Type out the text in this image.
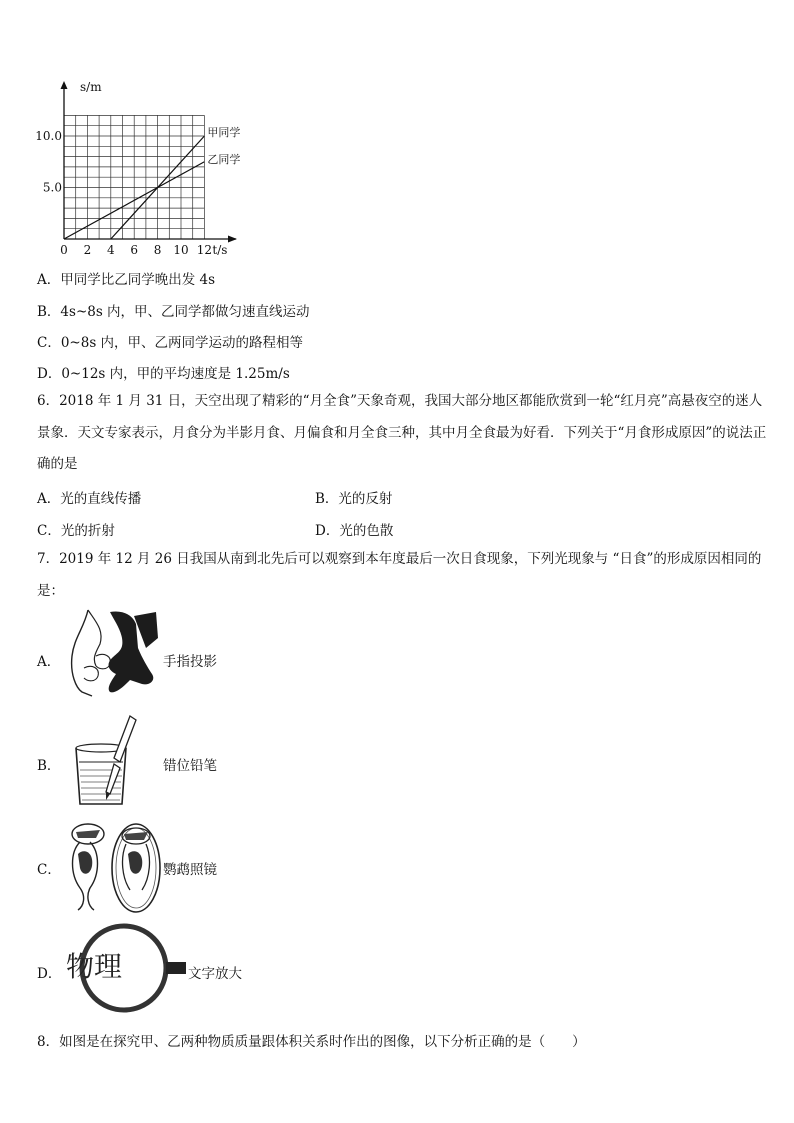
甲同学
乙同学
0 2 4 6 8 10 12
5.0
10.0
s/m
t/s
A．甲同学比乙同学晚出发 4s
B．4s~8s 内，甲、乙同学都做匀速直线运动
C．0~8s 内，甲、乙两同学运动的路程相等
D．0~12s 内，甲的平均速度是 1.25m/s
6．2018 年 1 月 31 日，天空出现了精彩的“月全食”天象奇观，我国大部分地区都能欣赏到一轮“红月亮”高悬夜空的迷人景象．天文专家表示，月食分为半影月食、月偏食和月全食三种，其中月全食最为好看．下列关于“月食形成原因”的说法正确的是
A．光的直线传播	B．光的反射
C．光的折射	D．光的色散
7．2019 年 12 月 26 日我国从南到北先后可以观察到本年度最后一次日食现象，下列光现象与 “日食”的形成原因相同的是：
A．	手指投影
B．	错位铅笔
C．	鹦鹉照镜
D． 物理	文字放大
8．如图是在探究甲、乙两种物质质量跟体积关系时作出的图像，以下分析正确的是（　　）
